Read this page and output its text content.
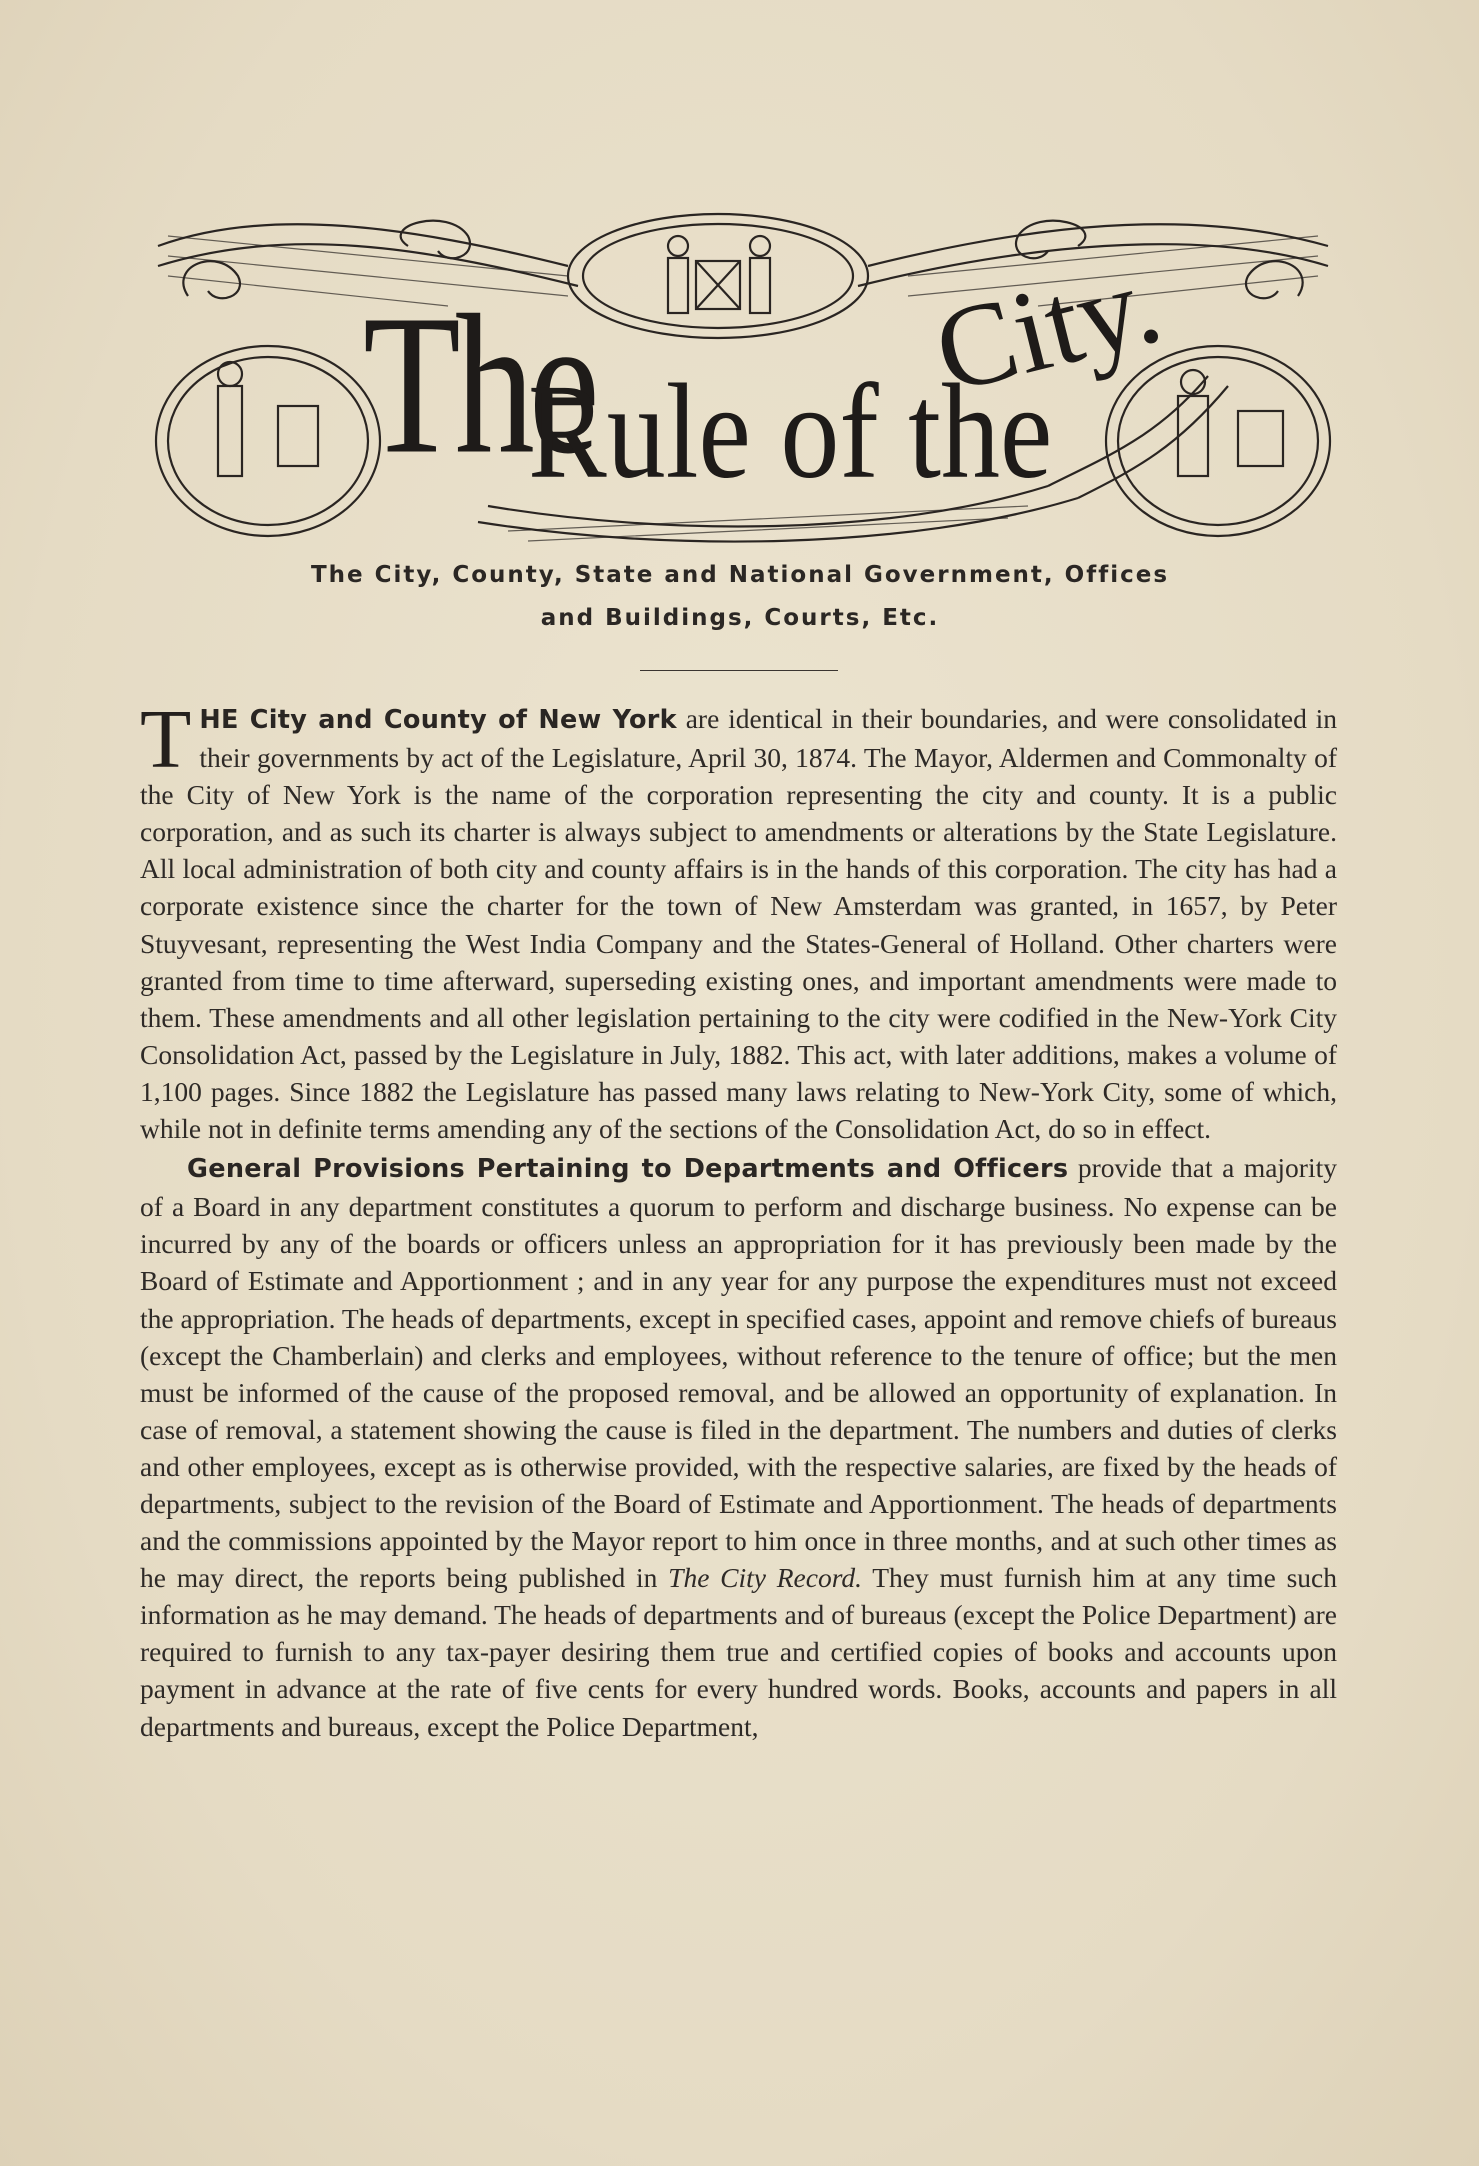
The
Rule of the
City.

The City, County, State and National Government, Offices

and Buildings, Courts, Etc.

THE City and County of New York are identical in their boundaries, and were consolidated in their governments by act of the Legislature, April 30, 1874. The Mayor, Aldermen and Commonalty of the City of New York is the name of the corporation representing the city and county. It is a public corporation, and as such its charter is always subject to amendments or alterations by the State Legislature. All local administration of both city and county affairs is in the hands of this corporation. The city has had a corporate existence since the charter for the town of New Amsterdam was granted, in 1657, by Peter Stuyvesant, representing the West India Company and the States-General of Holland. Other charters were granted from time to time afterward, superseding existing ones, and important amendments were made to them. These amendments and all other legislation pertaining to the city were codified in the New-York City Consolidation Act, passed by the Legislature in July, 1882. This act, with later additions, makes a volume of 1,100 pages. Since 1882 the Legislature has passed many laws relating to New-York City, some of which, while not in definite terms amending any of the sections of the Consolidation Act, do so in effect.

General Provisions Pertaining to Departments and Officers provide that a majority of a Board in any department constitutes a quorum to perform and discharge business. No expense can be incurred by any of the boards or officers unless an appropriation for it has previously been made by the Board of Estimate and Apportionment ; and in any year for any purpose the expenditures must not exceed the appropriation. The heads of departments, except in specified cases, appoint and remove chiefs of bureaus (except the Chamberlain) and clerks and employees, without reference to the tenure of office; but the men must be informed of the cause of the proposed removal, and be allowed an opportunity of explanation. In case of removal, a statement showing the cause is filed in the department. The numbers and duties of clerks and other employees, except as is otherwise provided, with the respective salaries, are fixed by the heads of departments, subject to the revision of the Board of Estimate and Apportionment. The heads of departments and the commissions appointed by the Mayor report to him once in three months, and at such other times as he may direct, the reports being published in The City Record. They must furnish him at any time such information as he may demand. The heads of departments and of bureaus (except the Police Department) are required to furnish to any tax-payer desiring them true and certified copies of books and accounts upon payment in advance at the rate of five cents for every hundred words. Books, accounts and papers in all departments and bureaus, except the Police Department,
